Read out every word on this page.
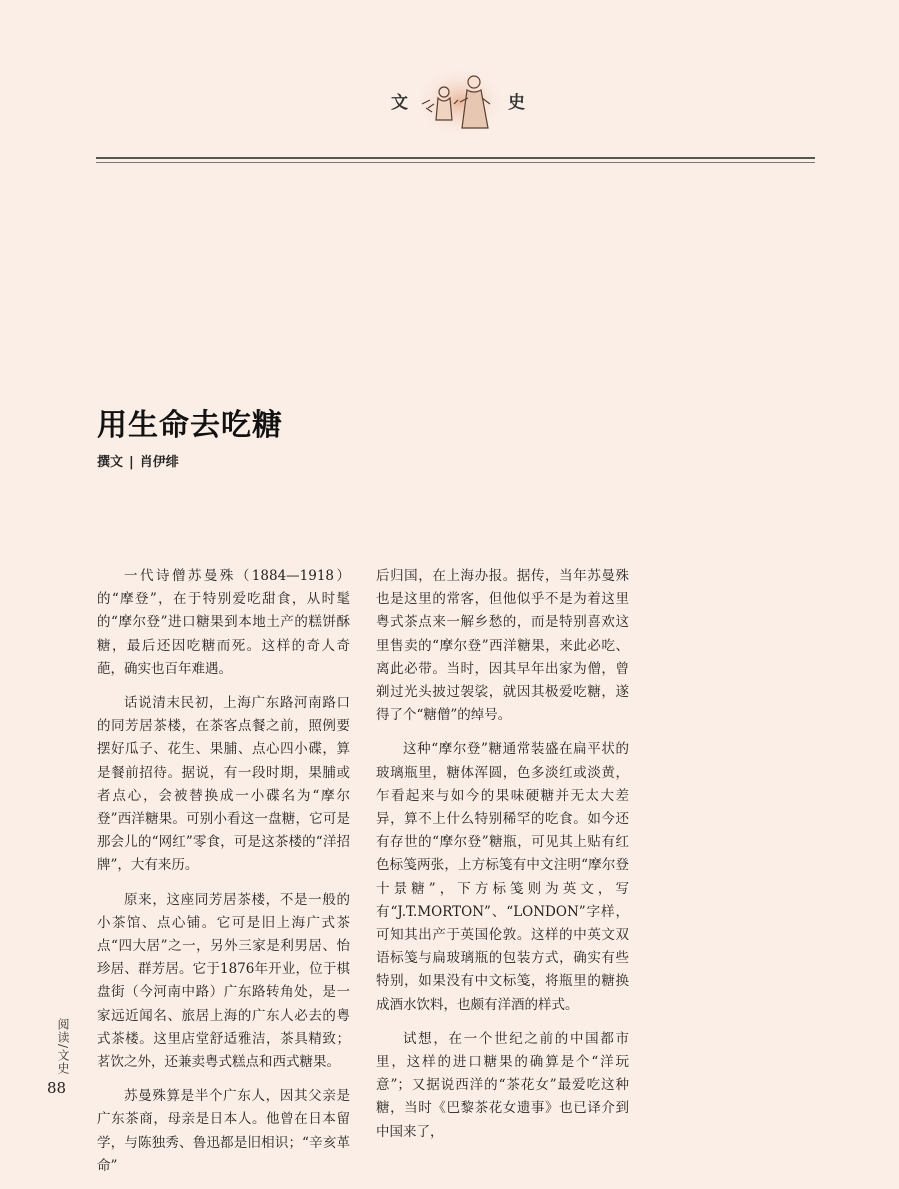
文	史
用生命去吃糖
撰文 | 肖伊绯

一代诗僧苏曼殊（1884—1918）的“摩登”，在于特别爱吃甜食，从时髦的“摩尔登”进口糖果到本地土产的糕饼酥糖，最后还因吃糖而死。这样的奇人奇葩，确实也百年难遇。

话说清末民初，上海广东路河南路口的同芳居茶楼，在茶客点餐之前，照例要摆好瓜子、花生、果脯、点心四小碟，算是餐前招待。据说，有一段时期，果脯或者点心，会被替换成一小碟名为“摩尔登”西洋糖果。可别小看这一盘糖，它可是那会儿的“网红”零食，可是这茶楼的“洋招牌”，大有来历。

原来，这座同芳居茶楼，不是一般的小茶馆、点心铺。它可是旧上海广式茶点“四大居”之一，另外三家是利男居、怡珍居、群芳居。它于1876年开业，位于棋盘街（今河南中路）广东路转角处，是一家远近闻名、旅居上海的广东人必去的粤式茶楼。这里店堂舒适雅洁，茶具精致；茗饮之外，还兼卖粤式糕点和西式糖果。

苏曼殊算是半个广东人，因其父亲是广东茶商，母亲是日本人。他曾在日本留学，与陈独秀、鲁迅都是旧相识；“辛亥革命”

后归国，在上海办报。据传，当年苏曼殊也是这里的常客，但他似乎不是为着这里粤式茶点来一解乡愁的，而是特别喜欢这里售卖的“摩尔登”西洋糖果，来此必吃、离此必带。当时，因其早年出家为僧，曾剃过光头披过袈裟，就因其极爱吃糖，遂得了个“糖僧”的绰号。

这种“摩尔登”糖通常装盛在扁平状的玻璃瓶里，糖体浑圆，色多淡红或淡黄，乍看起来与如今的果味硬糖并无太大差异，算不上什么特别稀罕的吃食。如今还有存世的“摩尔登”糖瓶，可见其上贴有红色标笺两张，上方标笺有中文注明“摩尔登十景糖”，下方标笺则为英文，写有“J.T.MORTON”、“LONDON”字样，可知其出产于英国伦敦。这样的中英文双语标笺与扁玻璃瓶的包装方式，确实有些特别，如果没有中文标笺，将瓶里的糖换成酒水饮料，也颇有洋酒的样式。

试想，在一个世纪之前的中国都市里，这样的进口糖果的确算是个“洋玩意”；又据说西洋的“茶花女”最爱吃这种糖，当时《巴黎茶花女遗事》也已译介到中国来了，

阅读/文史
88
